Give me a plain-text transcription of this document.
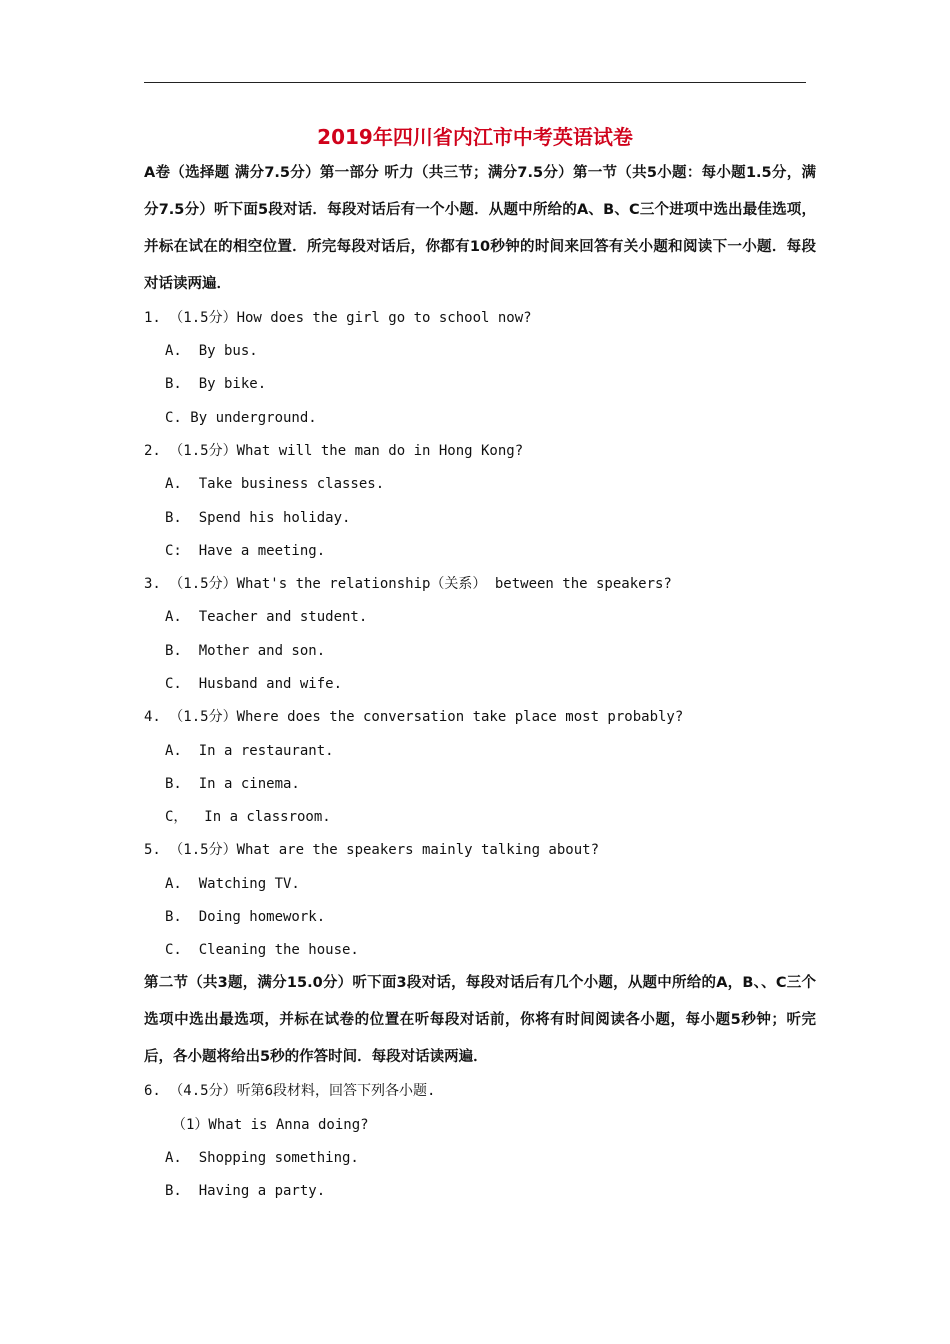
2019年四川省内江市中考英语试卷

A卷（选择题 满分7.5分）第一部分 听力（共三节；满分7.5分）第一节（共5小题：每小题1.5分，满分7.5分）听下面5段对话．每段对话后有一个小题．从题中所给的A、B、C三个进项中选出最佳选项，并标在试在的相空位置．所完每段对话后，你都有10秒钟的时间来回答有关小题和阅读下一小题．每段对话读两遍．

1. （1.5分）How does the girl go to school now?
A.  By bus.
B.  By bike.
C. By underground.
2. （1.5分）What will the man do in Hong Kong?
A.  Take business classes.
B.  Spend his holiday.
C:  Have a meeting.
3. （1.5分）What's the relationship（关系） between the speakers?
A.  Teacher and student.
B.  Mother and son.
C.  Husband and wife.
4. （1.5分）Where does the conversation take place most probably?
A.  In a restaurant.
B.  In a cinema.
C，  In a classroom.
5. （1.5分）What are the speakers mainly talking about?
A.  Watching TV.
B.  Doing homework.
C.  Cleaning the house.

第二节（共3题，满分15.0分）听下面3段对话，每段对话后有几个小题，从题中所给的A，B、、C三个选项中选出最选项，并标在试卷的位置在听每段对话前，你将有时间阅读各小题，每小题5秒钟；听完后，各小题将给出5秒的作答时间．每段对话读两遍．

6. （4.5分）听第6段材料，回答下列各小题.
（1）What is Anna doing?
A.  Shopping something.
B.  Having a party.
